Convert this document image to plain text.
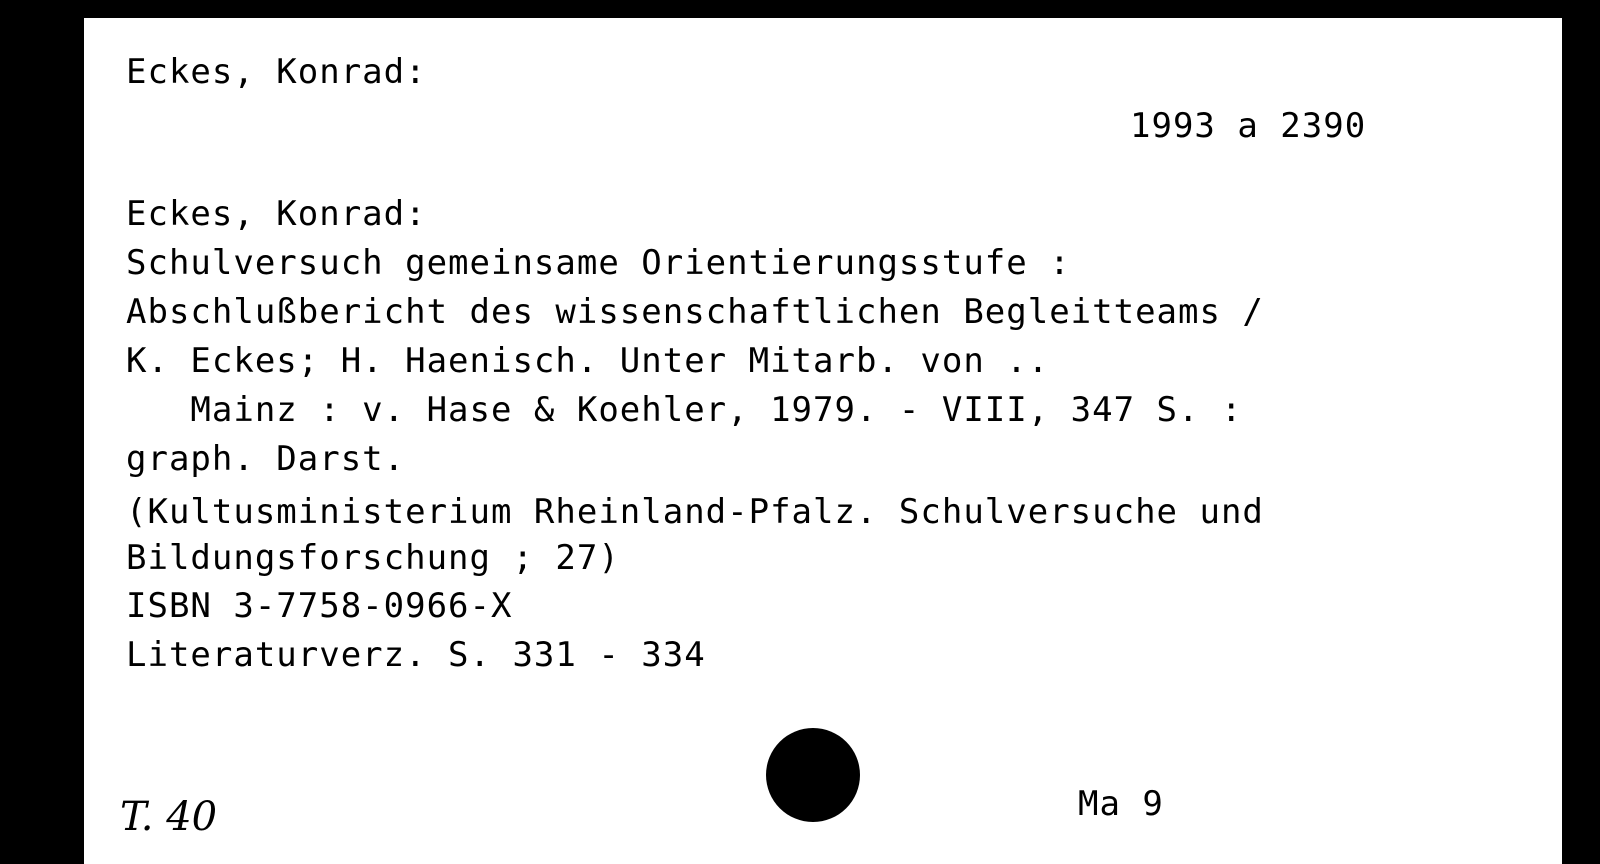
Eckes, Konrad:
1993 a 2390
Eckes, Konrad:
Schulversuch gemeinsame Orientierungsstufe :
Abschlußbericht des wissenschaftlichen Begleitteams /
K. Eckes; H. Haenisch. Unter Mitarb. von ..
Mainz : v. Hase & Koehler, 1979. - VIII, 347 S. :
graph. Darst.
(Kultusministerium Rheinland-Pfalz. Schulversuche und
Bildungsforschung ; 27)
ISBN 3-7758-0966-X
Literaturverz. S. 331 - 334
T. 40	Ma 9
